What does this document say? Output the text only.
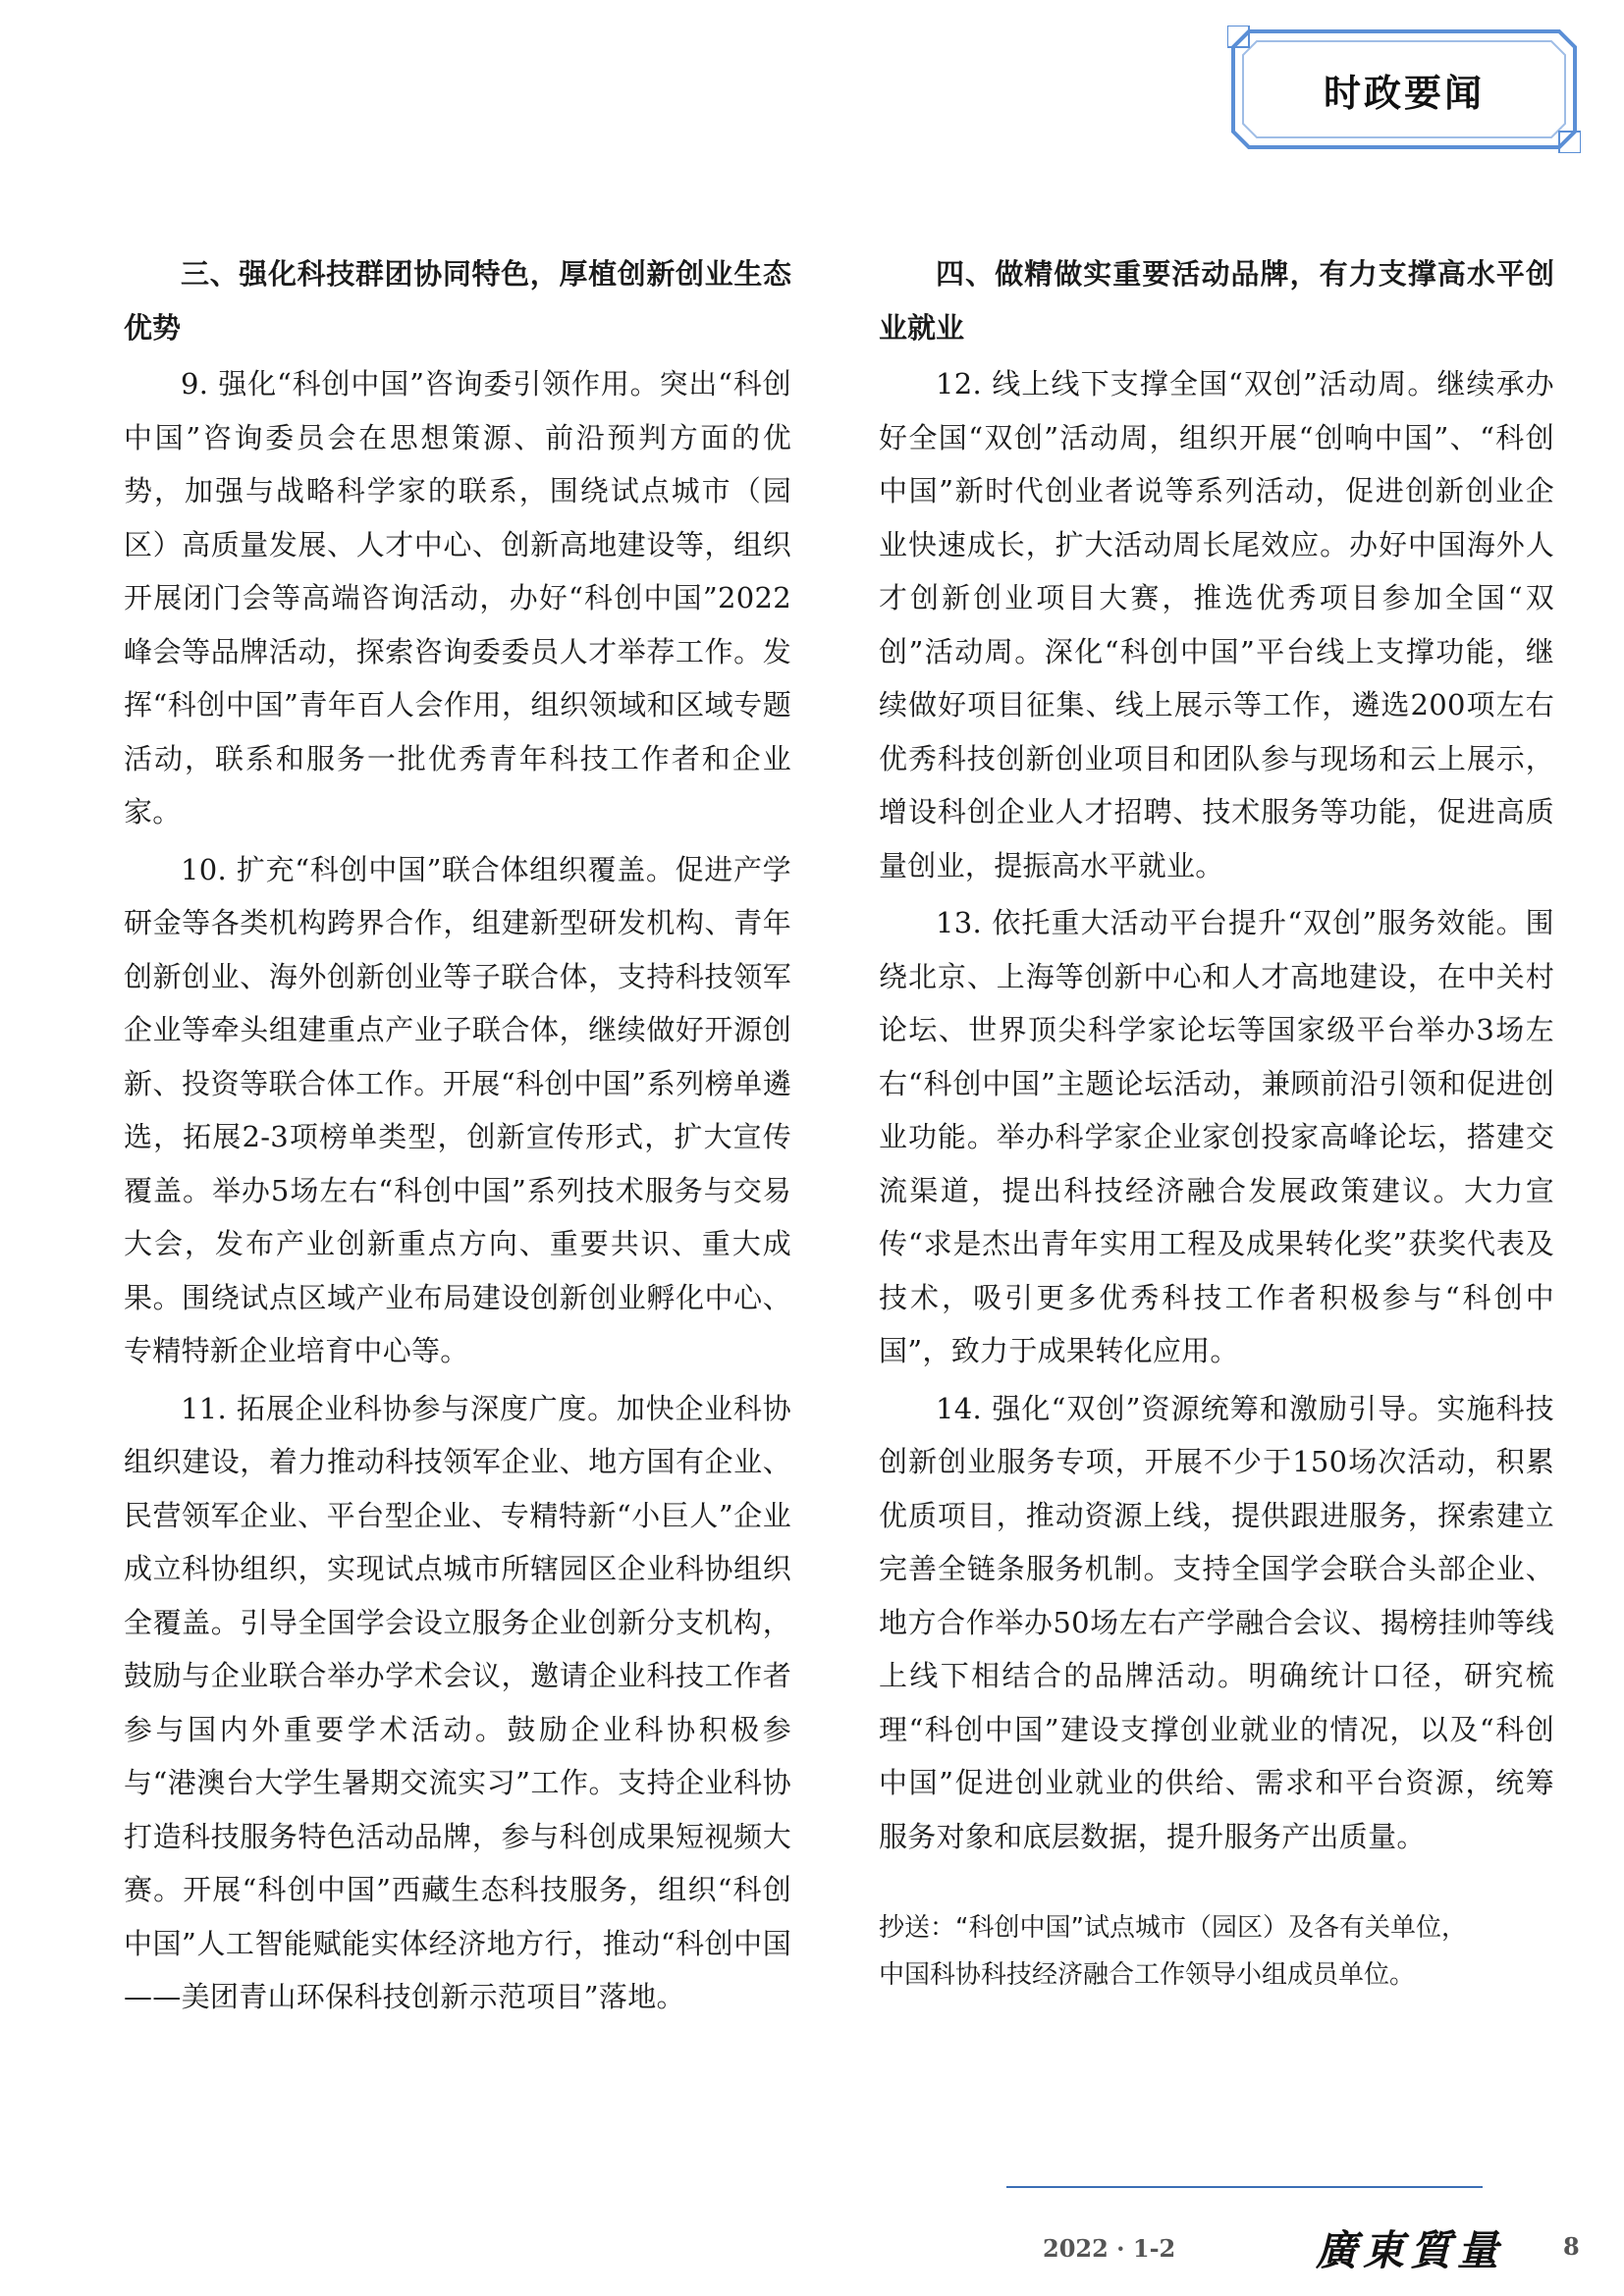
时政要闻

三、强化科技群团协同特色，厚植创新创业生态优势

9. 强化“科创中国”咨询委引领作用。突出“科创中国”咨询委员会在思想策源、前沿预判方面的优势，加强与战略科学家的联系，围绕试点城市（园区）高质量发展、人才中心、创新高地建设等，组织开展闭门会等高端咨询活动，办好“科创中国”2022峰会等品牌活动，探索咨询委委员人才举荐工作。发挥“科创中国”青年百人会作用，组织领域和区域专题活动，联系和服务一批优秀青年科技工作者和企业家。

10. 扩充“科创中国”联合体组织覆盖。促进产学研金等各类机构跨界合作，组建新型研发机构、青年创新创业、海外创新创业等子联合体，支持科技领军企业等牵头组建重点产业子联合体，继续做好开源创新、投资等联合体工作。开展“科创中国”系列榜单遴选，拓展2-3项榜单类型，创新宣传形式，扩大宣传覆盖。举办5场左右“科创中国”系列技术服务与交易大会，发布产业创新重点方向、重要共识、重大成果。围绕试点区域产业布局建设创新创业孵化中心、专精特新企业培育中心等。

11. 拓展企业科协参与深度广度。加快企业科协组织建设，着力推动科技领军企业、地方国有企业、民营领军企业、平台型企业、专精特新“小巨人”企业成立科协组织，实现试点城市所辖园区企业科协组织全覆盖。引导全国学会设立服务企业创新分支机构，鼓励与企业联合举办学术会议，邀请企业科技工作者参与国内外重要学术活动。鼓励企业科协积极参与“港澳台大学生暑期交流实习”工作。支持企业科协打造科技服务特色活动品牌，参与科创成果短视频大赛。开展“科创中国”西藏生态科技服务，组织“科创中国”人工智能赋能实体经济地方行，推动“科创中国——美团青山环保科技创新示范项目”落地。

四、做精做实重要活动品牌，有力支撑高水平创业就业

12. 线上线下支撑全国“双创”活动周。继续承办好全国“双创”活动周，组织开展“创响中国”、“科创中国”新时代创业者说等系列活动，促进创新创业企业快速成长，扩大活动周长尾效应。办好中国海外人才创新创业项目大赛，推选优秀项目参加全国“双创”活动周。深化“科创中国”平台线上支撑功能，继续做好项目征集、线上展示等工作，遴选200项左右优秀科技创新创业项目和团队参与现场和云上展示，增设科创企业人才招聘、技术服务等功能，促进高质量创业，提振高水平就业。

13. 依托重大活动平台提升“双创”服务效能。围绕北京、上海等创新中心和人才高地建设，在中关村论坛、世界顶尖科学家论坛等国家级平台举办3场左右“科创中国”主题论坛活动，兼顾前沿引领和促进创业功能。举办科学家企业家创投家高峰论坛，搭建交流渠道，提出科技经济融合发展政策建议。大力宣传“求是杰出青年实用工程及成果转化奖”获奖代表及技术，吸引更多优秀科技工作者积极参与“科创中国”，致力于成果转化应用。

14. 强化“双创”资源统筹和激励引导。实施科技创新创业服务专项，开展不少于150场次活动，积累优质项目，推动资源上线，提供跟进服务，探索建立完善全链条服务机制。支持全国学会联合头部企业、地方合作举办50场左右产学融合会议、揭榜挂帅等线上线下相结合的品牌活动。明确统计口径，研究梳理“科创中国”建设支撑创业就业的情况，以及“科创中国”促进创业就业的供给、需求和平台资源，统筹服务对象和底层数据，提升服务产出质量。

抄送：“科创中国”试点城市（园区）及各有关单位，

中国科协科技经济融合工作领导小组成员单位。

2022 · 1-2	廣東質量 8
